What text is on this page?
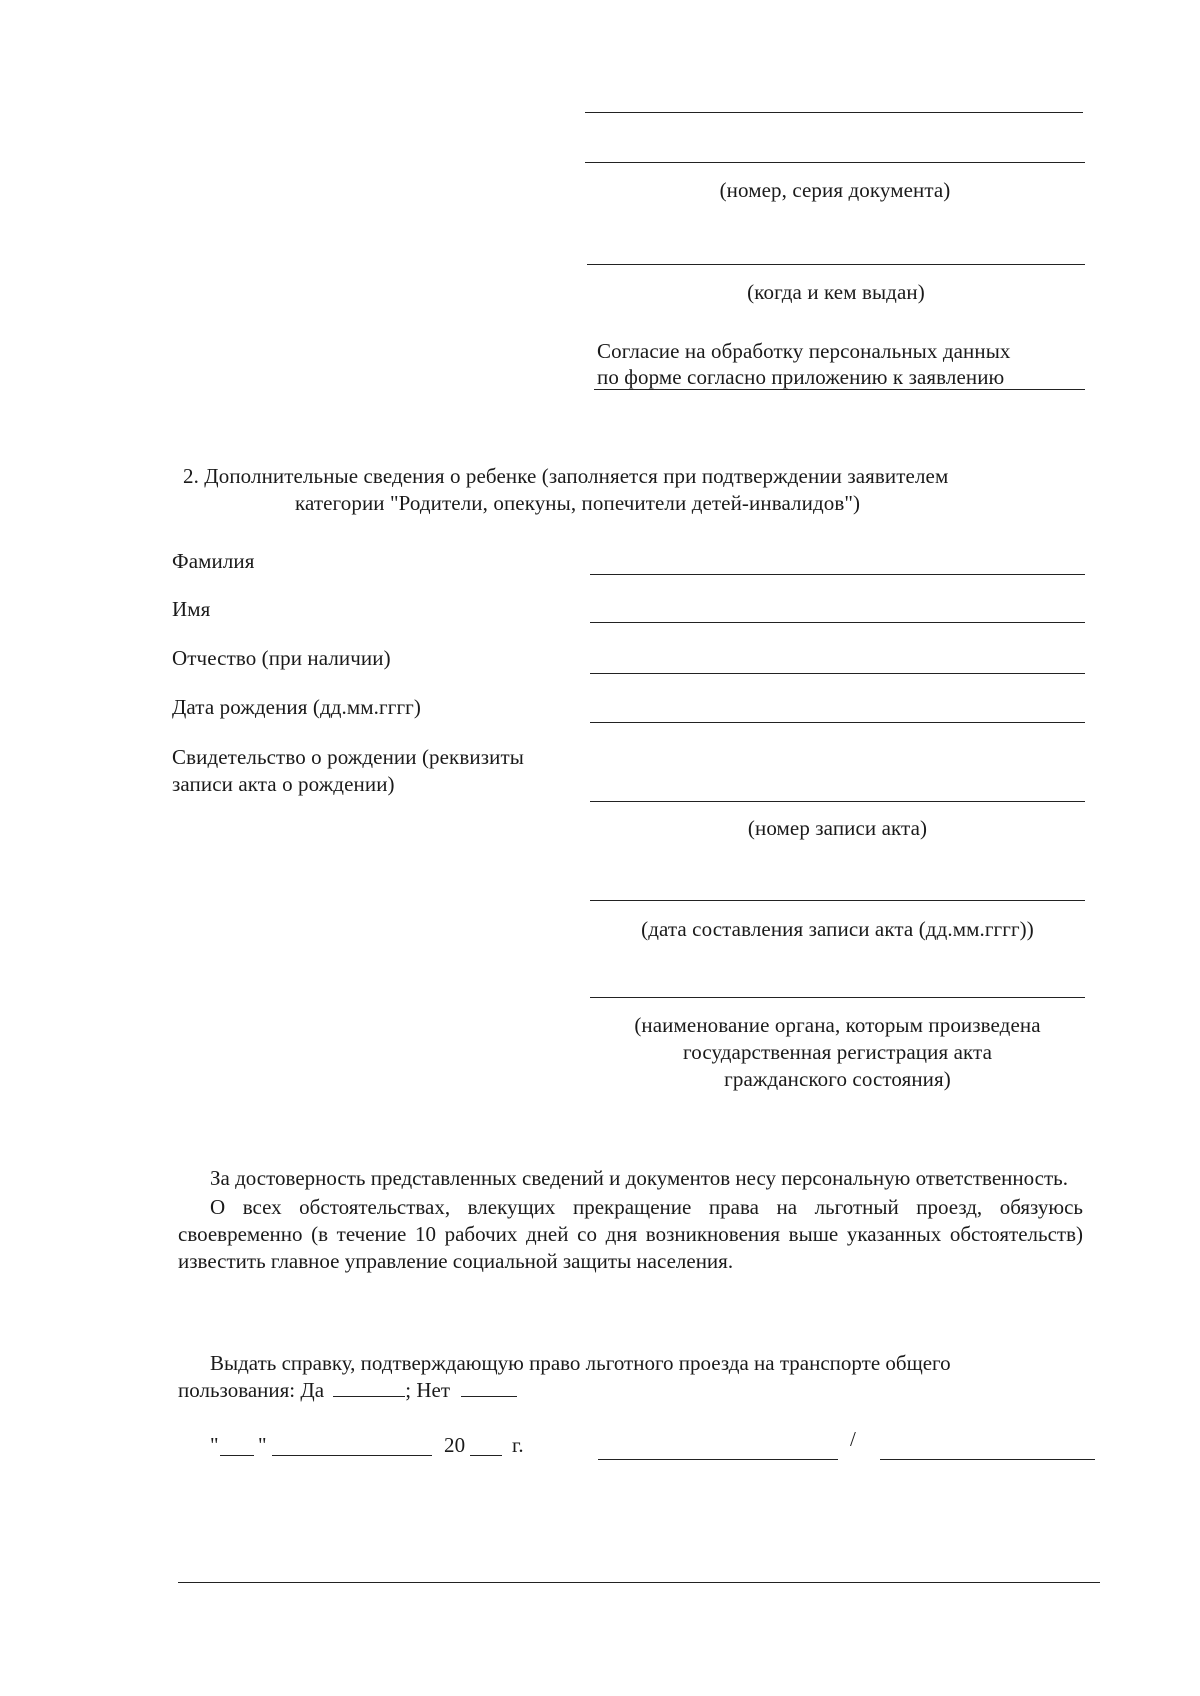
(номер, серия документа)
(когда и кем выдан)
Согласие на обработку персональных данных
по форме согласно приложению к заявлению
2. Дополнительные сведения о ребенке (заполняется при подтверждении заявителем
категории "Родители, опекуны, попечители детей-инвалидов")
Фамилия
Имя
Отчество (при наличии)
Дата рождения (дд.мм.гггг)
Свидетельство о рождении (реквизиты
записи акта о рождении)
(номер записи акта)
(дата составления записи акта (дд.мм.гггг))
(наименование органа, которым произведена
государственная регистрация акта
гражданского состояния)

За достоверность представленных сведений и документов несу персональную ответственность.

О всех обстоятельствах, влекущих прекращение права на льготный проезд, обязуюсь своевременно (в течение 10 рабочих дней со дня возникновения выше указанных обстоятельств) известить главное управление социальной защиты населения.

Выдать справку, подтверждающую право льготного проезда на транспорте общего

пользования: Да	; Нет
" "	20 г.	/
